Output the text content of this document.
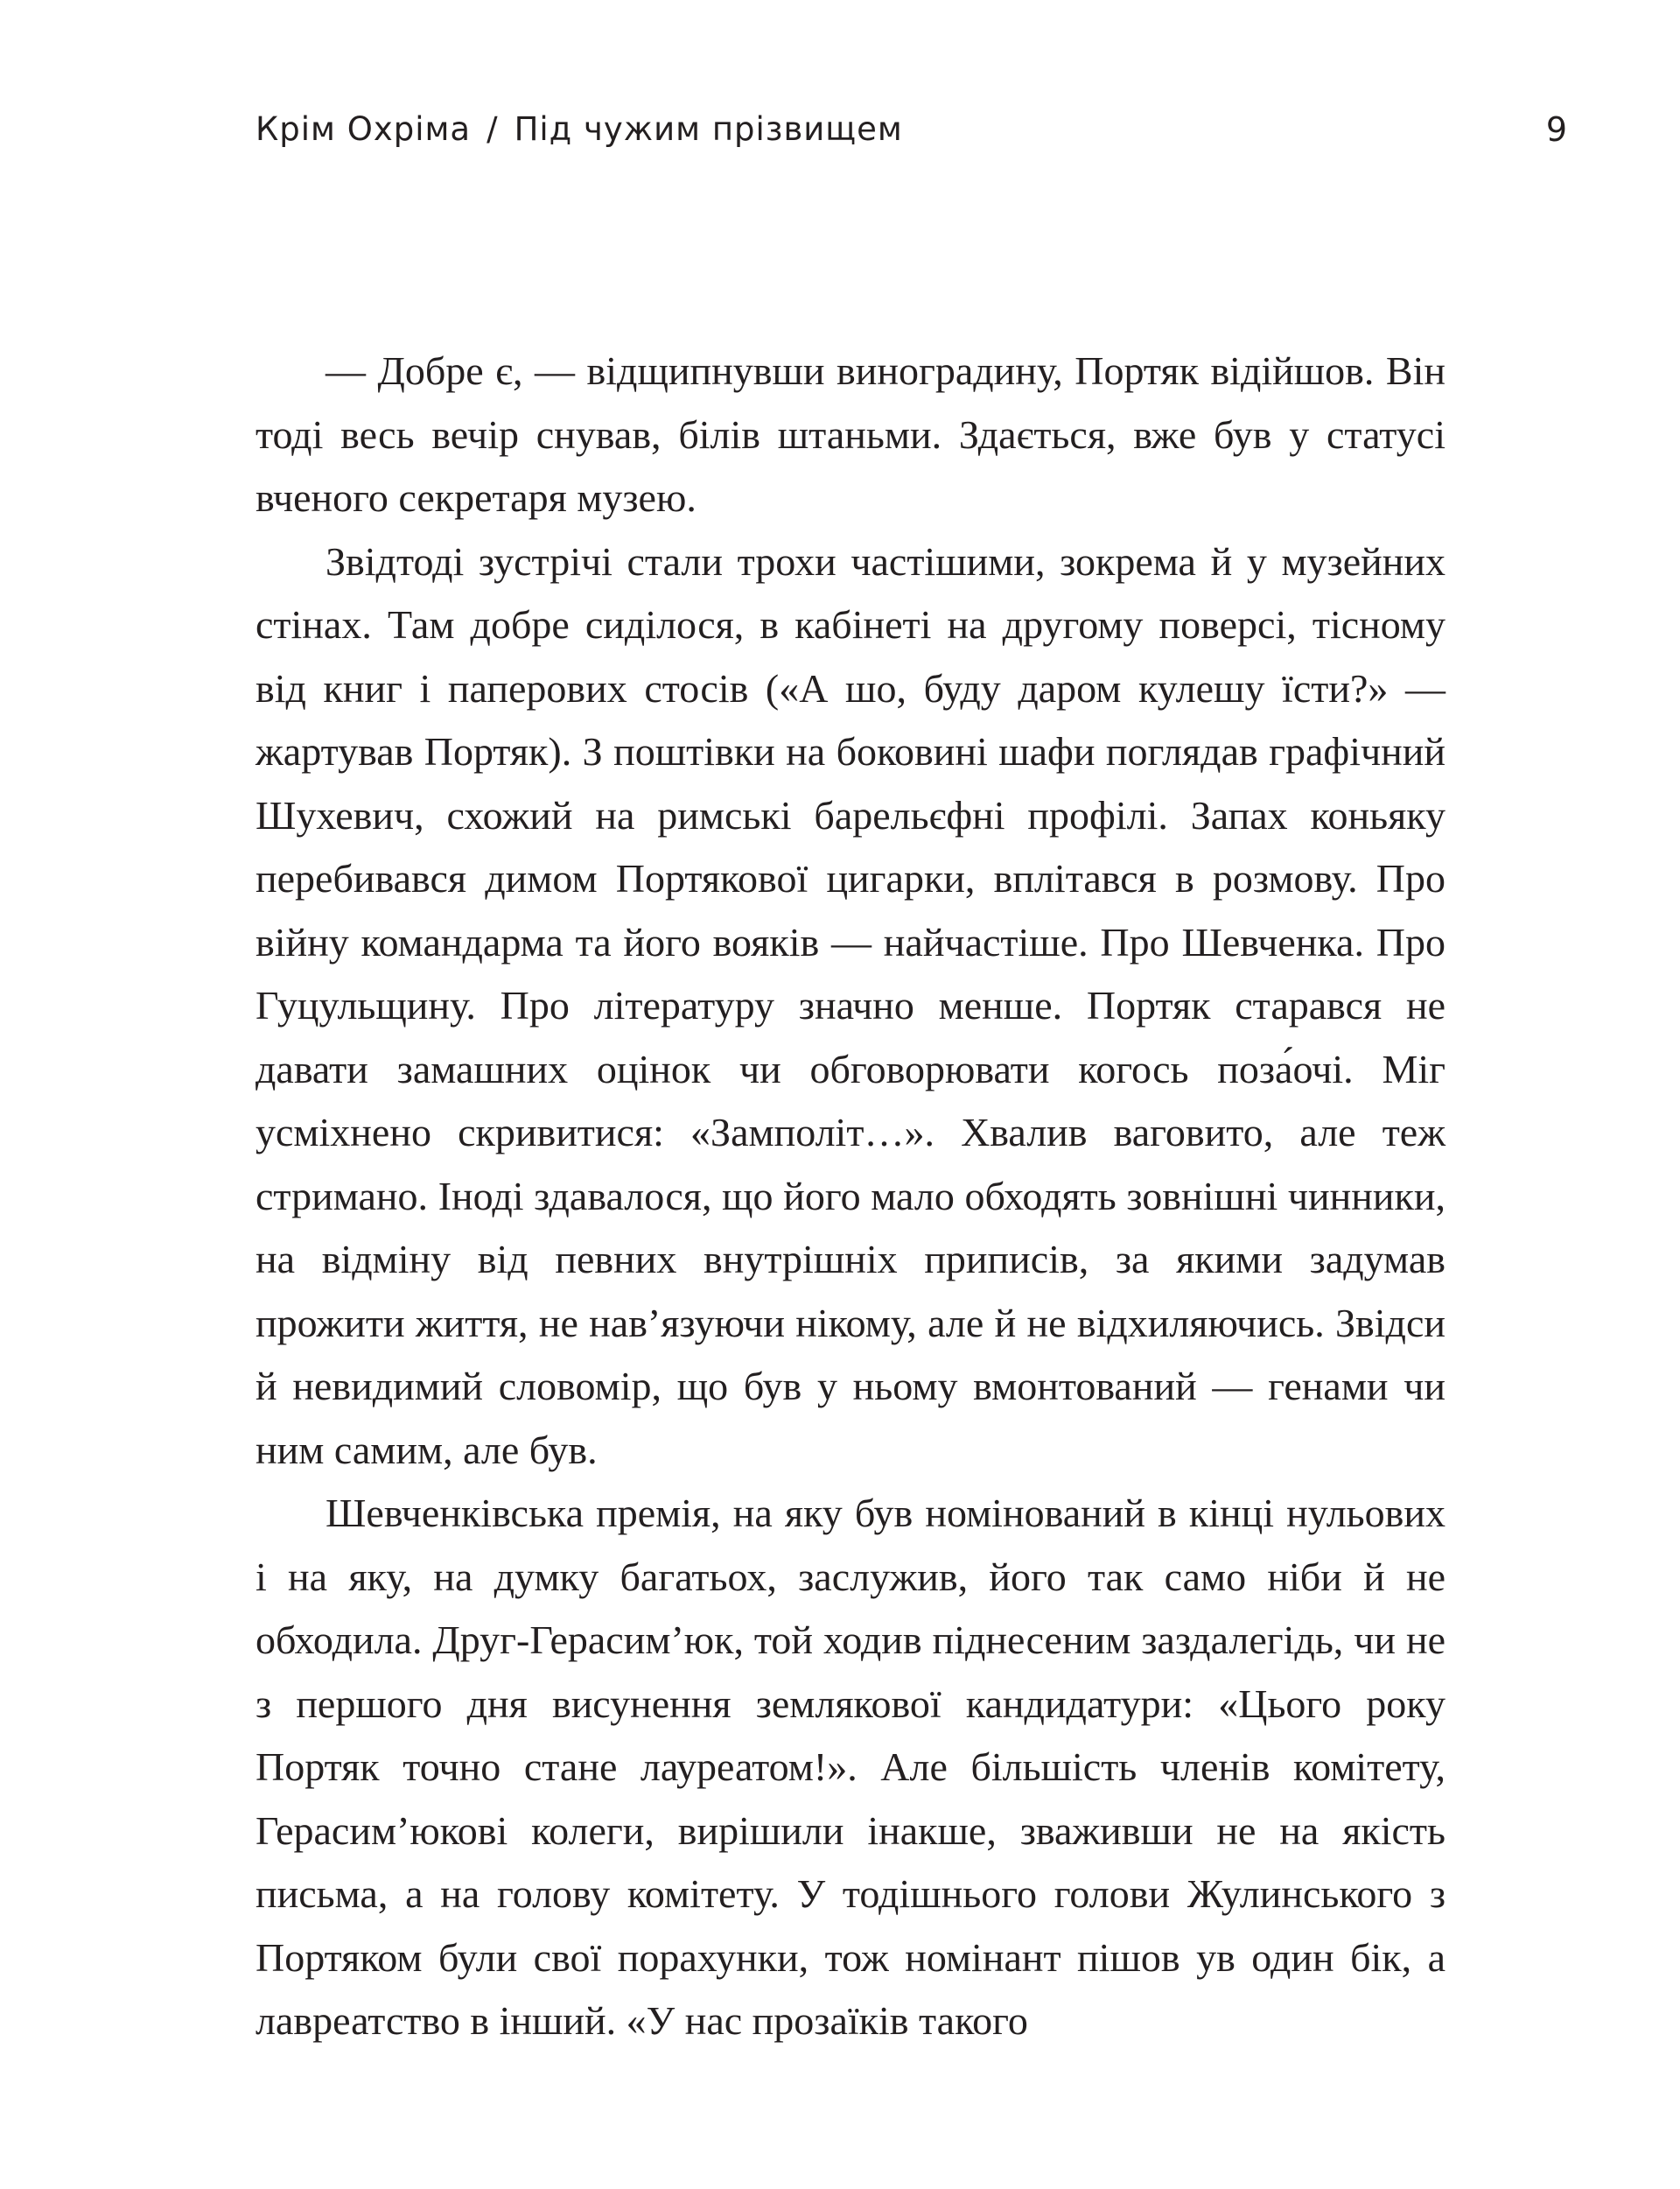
Крім Охріма / Під чужим прізвищем	9

— Добре є, — відщипнувши виноградину, Портяк відійшов. Він тоді весь вечір снував, білів штаньми. Здається, вже був у статусі вченого секретаря музею.

Звідтоді зустрічі стали трохи частішими, зокрема й у музейних стінах. Там добре сиділося, в кабінеті на другому поверсі, тісному від книг і паперових стосів («А шо, буду даром кулешу їсти?» — жартував Портяк). З поштівки на боковині шафи поглядав графічний Шухевич, схожий на римські барельєфні профілі. Запах коньяку перебивався димом Портякової цигарки, вплітався в розмову. Про війну командарма та його вояків — найчастіше. Про Шевченка. Про Гуцульщину. Про літературу значно менше. Портяк старався не давати замашних оцінок чи обговорювати когось поза́очі. Міг усміхнено скривитися: «Замполіт…». Хвалив ваговито, але теж стримано. Іноді здавалося, що його мало обходять зовнішні чинники, на відміну від певних внутрішніх приписів, за якими задумав прожити життя, не нав’язуючи нікому, але й не відхиляючись. Звідси й невидимий словомір, що був у ньому вмонтований — генами чи ним самим, але був.

Шевченківська премія, на яку був номінований в кінці нульових і на яку, на думку багатьох, заслужив, його так само ніби й не обходила. Друг-Герасим’юк, той ходив піднесеним заздалегідь, чи не з першого дня висунення землякової кандидатури: «Цього року Портяк точно стане лауреатом!». Але більшість членів комітету, Герасим’юкові колеги, вирішили інакше, зваживши не на якість письма, а на голову комітету. У тодішнього голови Жулинського з Портяком були свої порахунки, тож номінант пішов ув один бік, а лавреатство в інший. «У нас прозаїків такого
